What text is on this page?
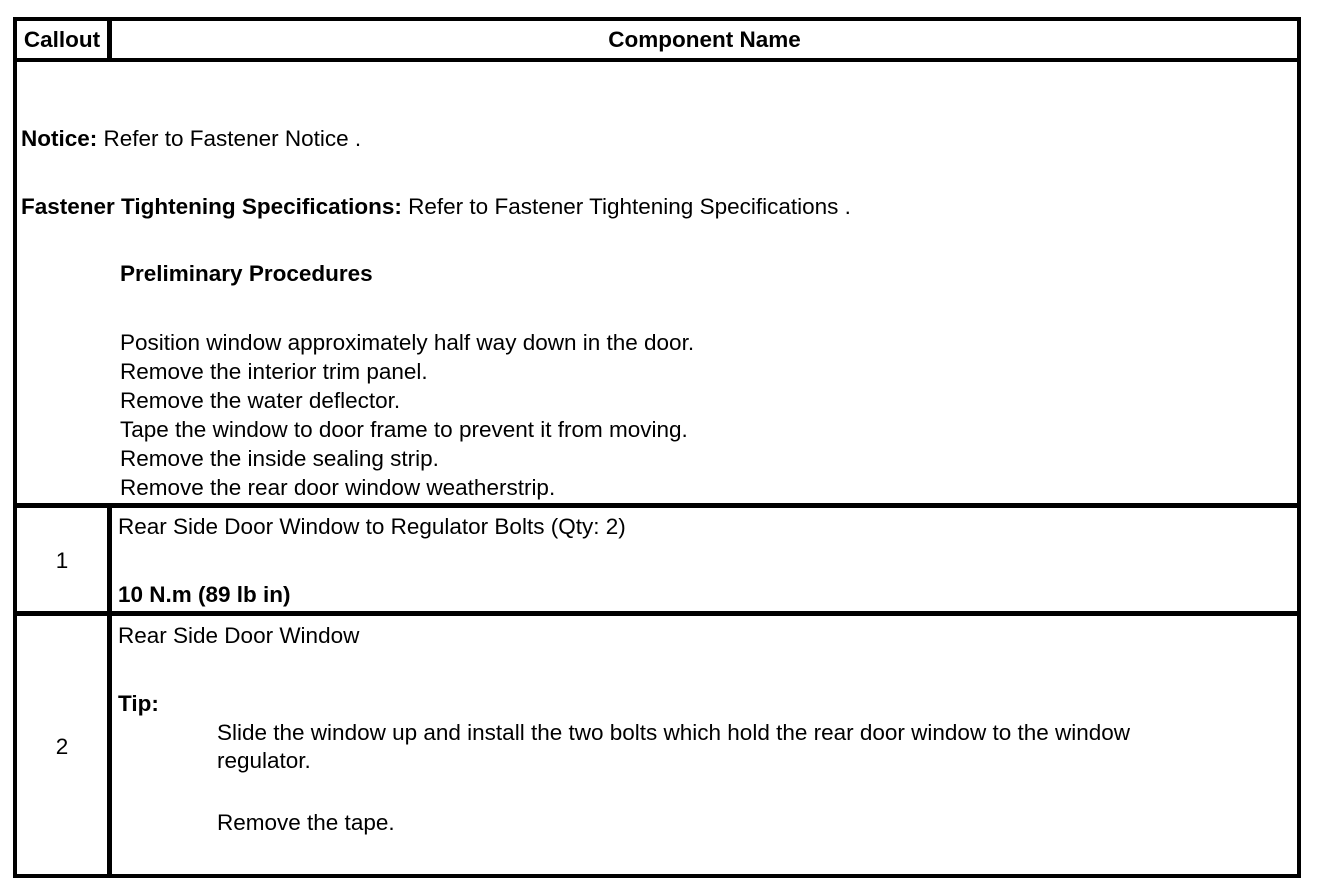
Callout	Component Name
Notice: Refer to Fastener Notice .
Fastener Tightening Specifications: Refer to Fastener Tightening Specifications .
Preliminary Procedures
Position window approximately half way down in the door.
Remove the interior trim panel.
Remove the water deflector.
Tape the window to door frame to prevent it from moving.
Remove the inside sealing strip.
Remove the rear door window weatherstrip.
1
Rear Side Door Window to Regulator Bolts (Qty: 2)
10 N.m (89 lb in)
2
Rear Side Door Window
Tip:
Slide the window up and install the two bolts which hold the rear door window to the window
regulator.
Remove the tape.
